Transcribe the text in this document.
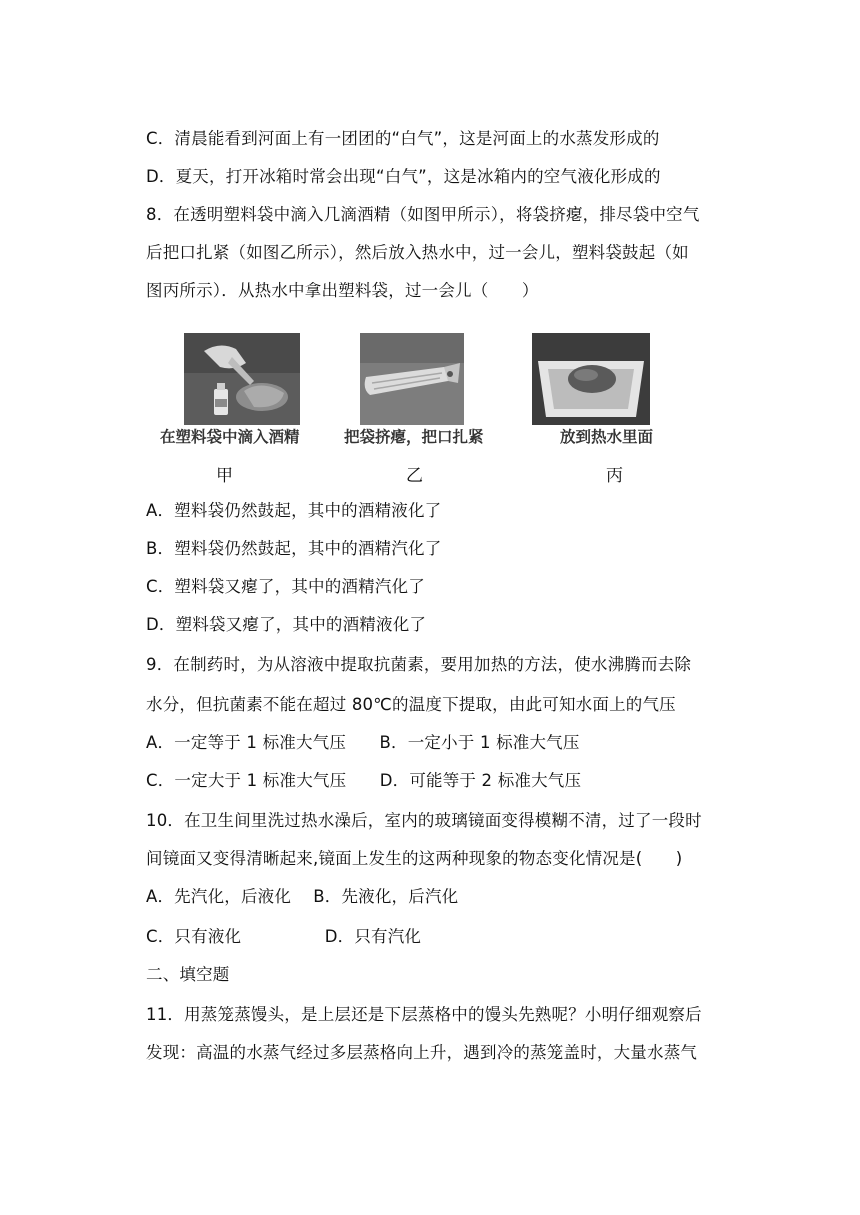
C．清晨能看到河面上有一团团的“白气”，这是河面上的水蒸发形成的
D．夏天，打开冰箱时常会出现“白气”，这是冰箱内的空气液化形成的
8．在透明塑料袋中滴入几滴酒精（如图甲所示），将袋挤瘪，排尽袋中空气
后把口扎紧（如图乙所示），然后放入热水中，过一会儿，塑料袋鼓起（如
图丙所示）．从热水中拿出塑料袋，过一会儿（　　）
在塑料袋中滴入酒精	把袋挤瘪，把口扎紧	放到热水里面
甲	乙	丙
A．塑料袋仍然鼓起，其中的酒精液化了
B．塑料袋仍然鼓起，其中的酒精汽化了
C．塑料袋又瘪了，其中的酒精汽化了
D．塑料袋又瘪了，其中的酒精液化了
9．在制药时，为从溶液中提取抗菌素，要用加热的方法，使水沸腾而去除
水分，但抗菌素不能在超过 80℃的温度下提取，由此可知水面上的气压
A．一定等于 1 标准大气压　　B．一定小于 1 标准大气压
C．一定大于 1 标准大气压　　D．可能等于 2 标准大气压
10．在卫生间里洗过热水澡后，室内的玻璃镜面变得模糊不清，过了一段时
间镜面又变得清晰起来,镜面上发生的这两种现象的物态变化情况是(　　)
A．先汽化，后液化　 B．先液化，后汽化
C．只有液化　　　　　D．只有汽化
二、填空题
11．用蒸笼蒸馒头，是上层还是下层蒸格中的馒头先熟呢？小明仔细观察后
发现：高温的水蒸气经过多层蒸格向上升，遇到冷的蒸笼盖时，大量水蒸气
